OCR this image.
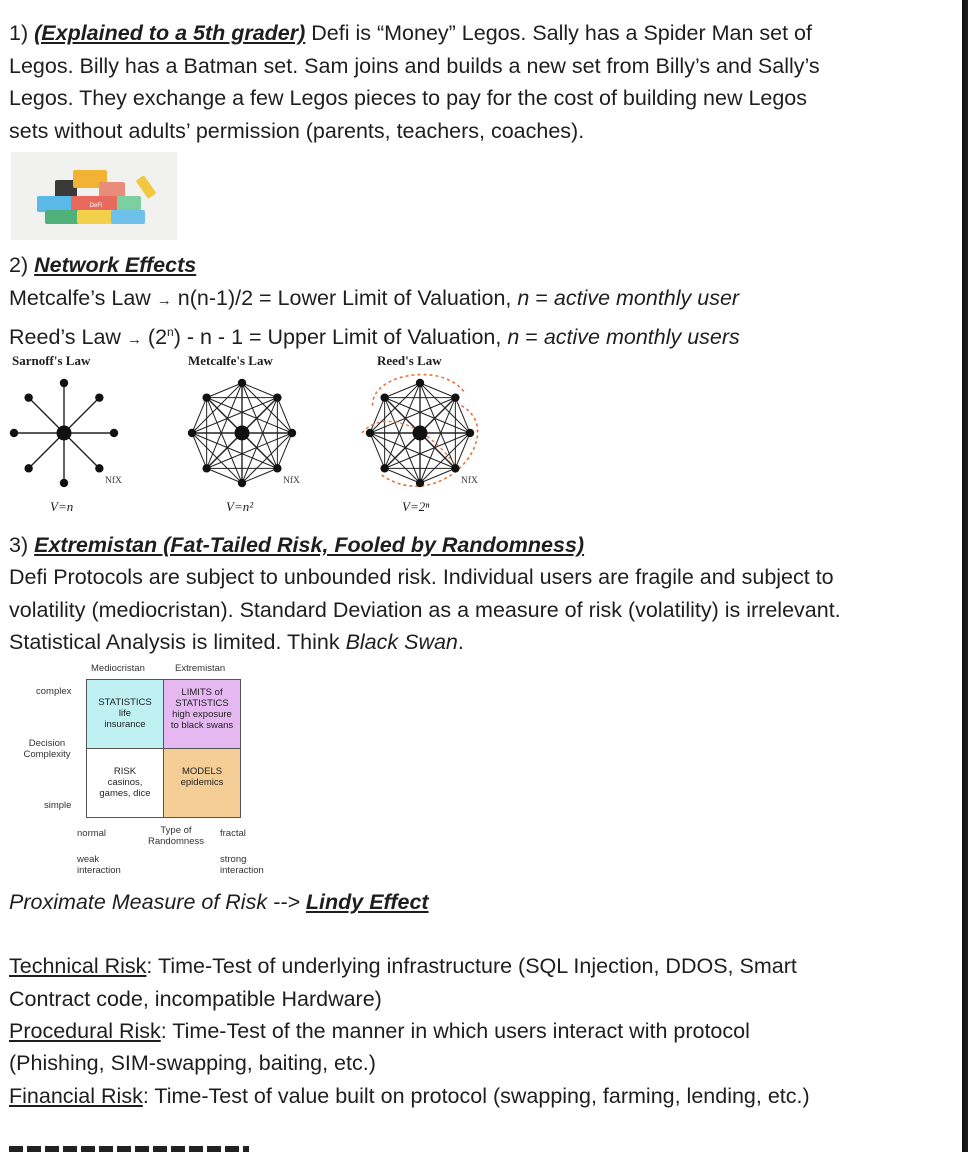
1) (Explained to a 5th grader) Defi is “Money” Legos. Sally has a Spider Man set of
Legos. Billy has a Batman set. Sam joins and builds a new set from Billy’s and Sally’s
Legos. They exchange a few Legos pieces to pay for the cost of building new Legos
sets without adults’ permission (parents, teachers, coaches).
DeFi
2) Network Effects
Metcalfe’s Law → n(n-1)/2 = Lower Limit of Valuation, n = active monthly user
Reed’s Law → $(2^n)$ - n - 1 = Upper Limit of Valuation, n = active monthly users
Sarnoff's Law	Metcalfe's Law	Reed's Law
NfX	NfX	NfX
V=n	V=n²	V=2ⁿ
3) Extremistan (Fat-Tailed Risk, Fooled by Randomness)
Defi Protocols are subject to unbounded risk. Individual users are fragile and subject to
volatility (mediocristan). Standard Deviation as a measure of risk (volatility) is irrelevant.
Statistical Analysis is limited. Think Black Swan.
Mediocristan	Extremistan
complex
Decision Complexity
simple
STATISTICS
life insurance
LIMITS of STATISTICS
high exposure to black swans
RISK
casinos, games, dice
MODELS
epidemics
normal	Type of Randomness
fractal
weak interaction
strong interaction
Proximate Measure of Risk --> Lindy Effect
Technical Risk: Time-Test of underlying infrastructure (SQL Injection, DDOS, Smart
Contract code, incompatible Hardware)
Procedural Risk: Time-Test of the manner in which users interact with protocol
(Phishing, SIM-swapping, baiting, etc.)
Financial Risk: Time-Test of value built on protocol (swapping, farming, lending, etc.)
